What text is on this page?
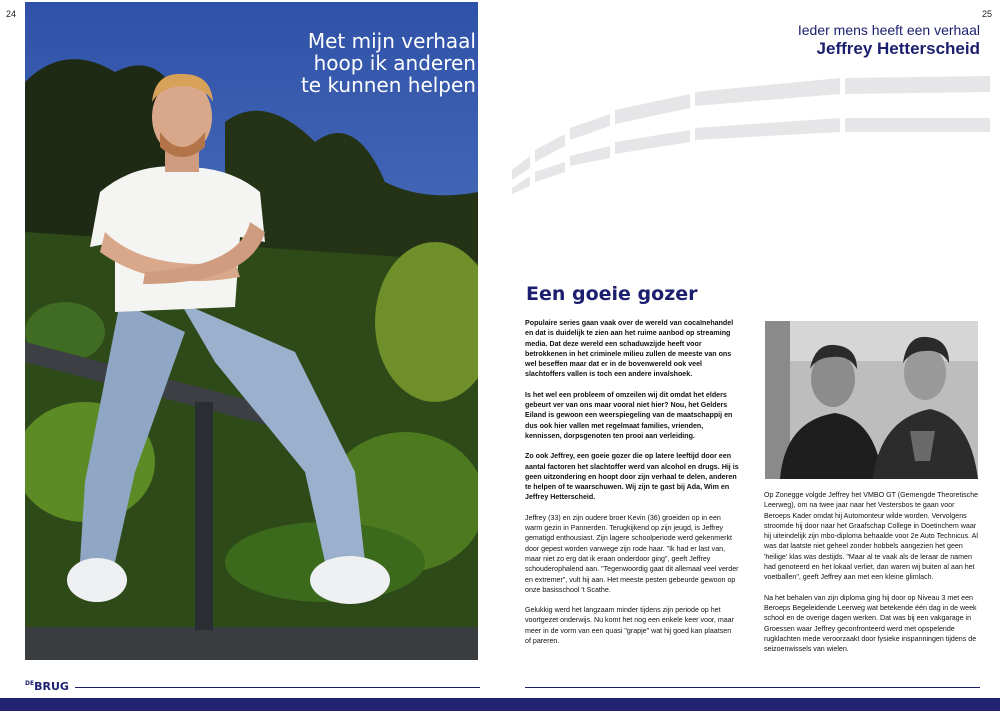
24
Met mijn verhaal
hoop ik anderen
te kunnen helpen
$^{DE}$BRUG
25
Ieder mens heeft een verhaal
Jeffrey Hetterscheid
Een goeie gozer

Populaire series gaan vaak over de wereld van cocaïnehandel en dat is duidelijk te zien aan het ruime aanbod op streaming media. Dat deze wereld een schaduwzijde heeft voor betrokkenen in het criminele milieu zullen de meeste van ons wel beseffen maar dat er in de bovenwereld ook veel slachtoffers vallen is toch een andere invalshoek.

Is het wel een probleem of omzeilen wij dit omdat het elders gebeurt ver van ons maar vooral niet hier? Nou, het Gelders Eiland is gewoon een weerspiegeling van de maatschappij en dus ook hier vallen met regelmaat families, vrienden, kennissen, dorpsgenoten ten prooi aan verleiding.

Zo ook Jeffrey, een goeie gozer die op latere leeftijd door een aantal factoren het slachtoffer werd van alcohol en drugs. Hij is geen uitzondering en hoopt door zijn verhaal te delen, anderen te helpen of te waarschuwen. Wij zijn te gast bij Ada, Wim en Jeffrey Hetterscheid.

Jeffrey (33) en zijn oudere broer Kevin (36) groeiden op in een warm gezin in Pannerden. Terugkijkend op zijn jeugd, is Jeffrey gematigd enthousiast. Zijn lagere schoolperiode werd gekenmerkt door gepest worden vanwege zijn rode haar. "Ik had er last van, maar niet zo erg dat ik eraan onderdoor ging", geeft Jeffrey schouderophalend aan. "Tegenwoordig gaat dit allemaal veel verder en extremer", vult hij aan. Het meeste pesten gebeurde gewoon op onze basisschool 't Scathe.

Gelukkig werd het langzaam minder tijdens zijn periode op het voortgezet onderwijs. Nu komt het nog een enkele keer voor, maar meer in de vorm van een quasi "grapje" wat hij goed kan plaatsen of pareren.

Op Zonegge volgde Jeffrey het VMBO GT (Gemengde Theoretische Leerweg), om na twee jaar naar het Vestersbos te gaan voor Beroeps Kader omdat hij Automonteur wilde worden. Vervolgens stroomde hij door naar het Graafschap College in Doetinchem waar hij uiteindelijk zijn mbo-diploma behaalde voor 2e Auto Technicus. Al was dat laatste niet geheel zonder hobbels aangezien het geen 'heilige' klas was destijds. "Maar al te vaak als de leraar de namen had genoteerd en het lokaal verliet, dan waren wij buiten al aan het voetballen", geeft Jeffrey aan met een kleine glimlach.

Na het behalen van zijn diploma ging hij door op Niveau 3 met een Beroeps Begeleidende Leerweg wat betekende één dag in de week school en de overige dagen werken. Dat was bij een vakgarage in Groessen waar Jeffrey geconfronteerd werd met opspelende rugklachten mede veroorzaakt door fysieke inspanningen tijdens de seizoenwissels van wielen.
